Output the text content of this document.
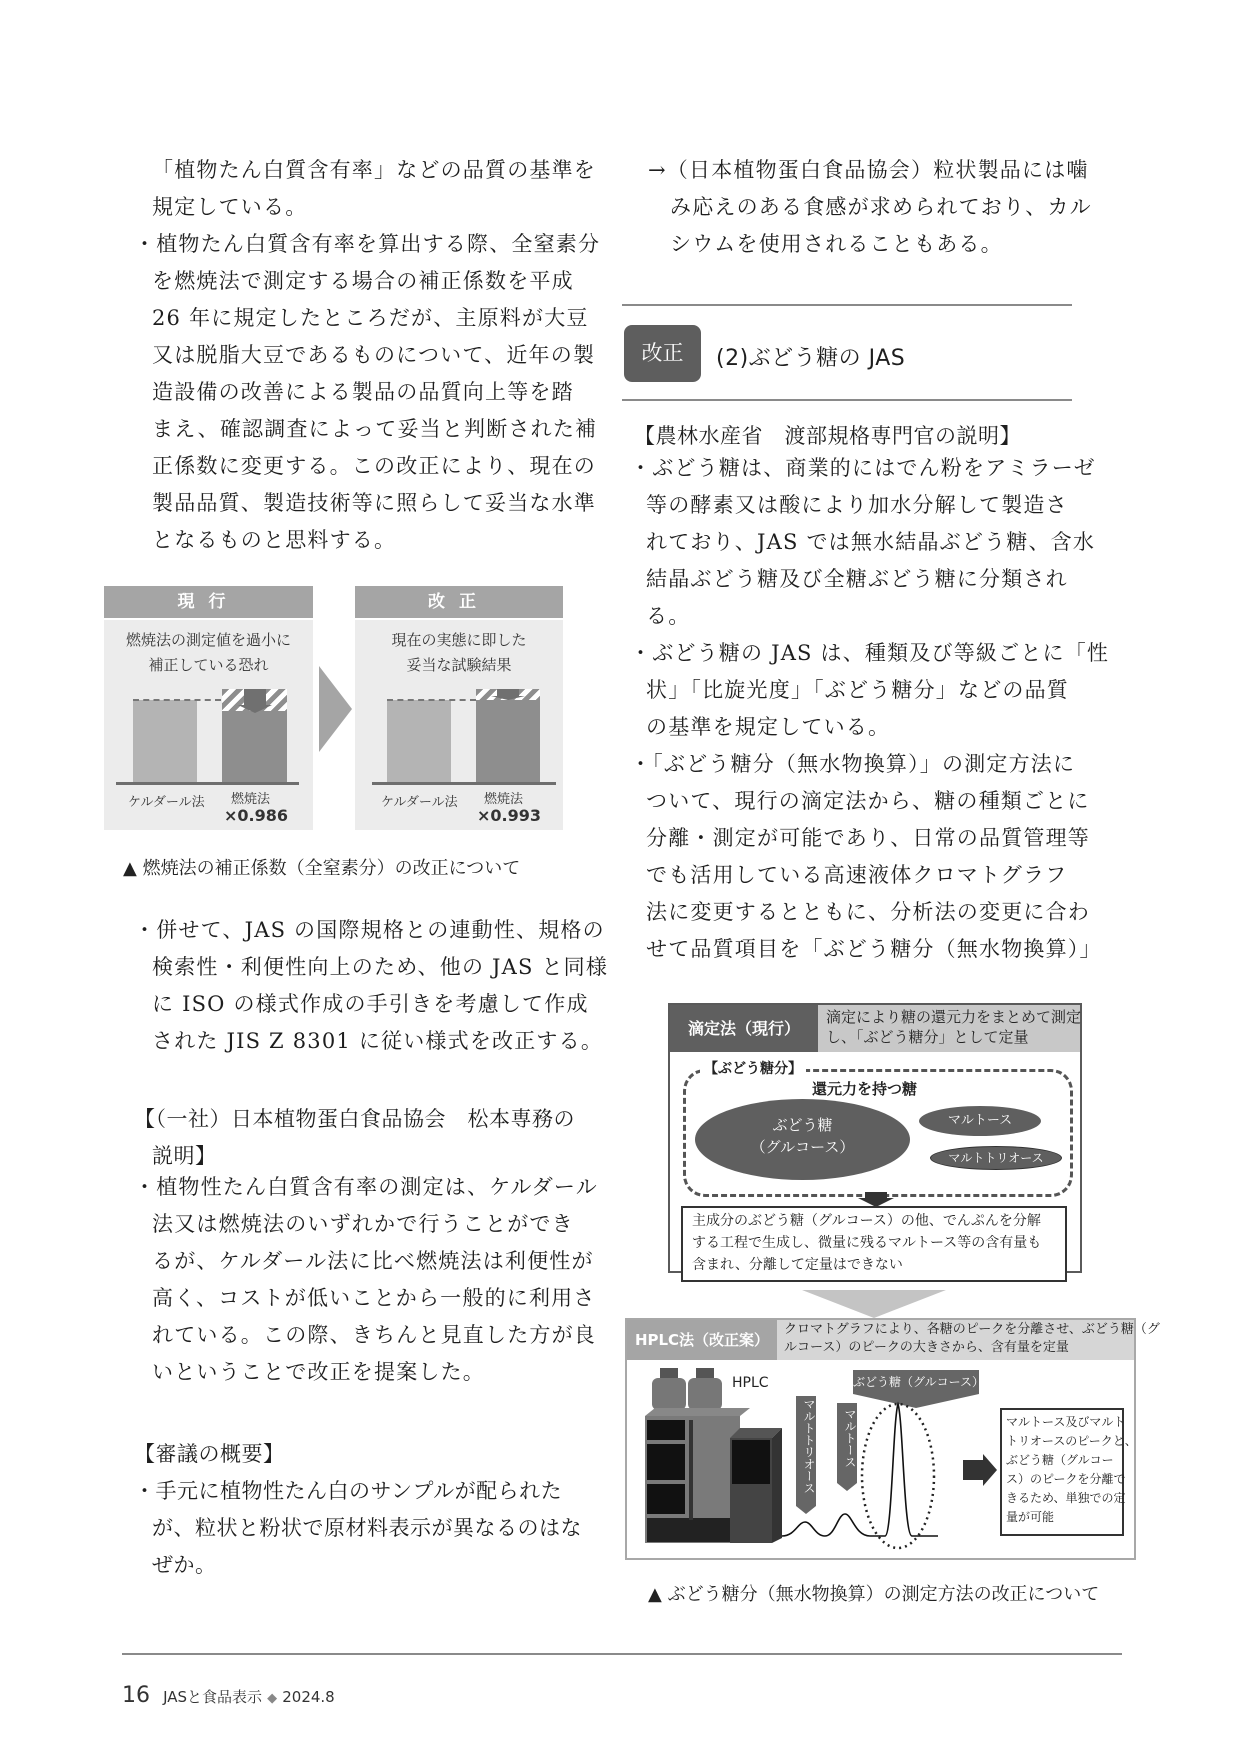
「植物たん白質含有率」などの品質の基準を
規定している。
・植物たん白質含有率を算出する際、全窒素分
を燃焼法で測定する場合の補正係数を平成
26 年に規定したところだが、主原料が大豆
又は脱脂大豆であるものについて、近年の製
造設備の改善による製品の品質向上等を踏
まえ、確認調査によって妥当と判断された補
正係数に変更する。この改正により、現在の
製品品質、製造技術等に照らして妥当な水準
となるものと思料する。
現行
燃焼法の測定値を過小に
補正している恐れ
ケルダール法 燃焼法
×0.986
改正
現在の実態に即した
妥当な試験結果
ケルダール法 燃焼法
×0.993
▲ 燃焼法の補正係数（全窒素分）の改正について
・併せて、JAS の国際規格との連動性、規格の
検索性・利便性向上のため、他の JAS と同様
に ISO の様式作成の手引きを考慮して作成
された JIS Z 8301 に従い様式を改正する。
【（一社）日本植物蛋白食品協会　松本専務の
説明】
・植物性たん白質含有率の測定は、ケルダール
法又は燃焼法のいずれかで行うことができ
るが、ケルダール法に比べ燃焼法は利便性が
高く、コストが低いことから一般的に利用さ
れている。この際、きちんと見直した方が良
いということで改正を提案した。
【審議の概要】
・手元に植物性たん白のサンプルが配られた
が、粒状と粉状で原材料表示が異なるのはな
ぜか。
→（日本植物蛋白食品協会）粒状製品には噛
み応えのある食感が求められており、カル
シウムを使用されることもある。
改正	(2)ぶどう糖の JAS
【農林水産省　渡部規格専門官の説明】
・ぶどう糖は、商業的にはでん粉をアミラーゼ
等の酵素又は酸により加水分解して製造さ
れており、JAS では無水結晶ぶどう糖、含水
結晶ぶどう糖及び全糖ぶどう糖に分類され
る。
・ぶどう糖の JAS は、種類及び等級ごとに「性
状」「比旋光度」「ぶどう糖分」などの品質
の基準を規定している。
・「ぶどう糖分（無水物換算）」の測定方法に
ついて、現行の滴定法から、糖の種類ごとに
分離・測定が可能であり、日常の品質管理等
でも活用している高速液体クロマトグラフ
法に変更するとともに、分析法の変更に合わ
せて品質項目を「ぶどう糖分（無水物換算）」
滴定法（現行）
滴定により糖の還元力をまとめて測定
し、「ぶどう糖分」として定量
【ぶどう糖分】
還元力を持つ糖
ぶどう糖
（グルコース）
マルトース
マルトトリオース
主成分のぶどう糖（グルコース）の他、でんぷんを分解
する工程で生成し、微量に残るマルトース等の含有量も
含まれ、分離して定量はできない
HPLC法（改正案）
クロマトグラフにより、各糖のピークを分離させ、ぶどう糖（グ
ルコース）のピークの大きさから、含有量を定量
HPLC	ぶどう糖（グルコース）
マルトトリオース	マルトース	マルトース及びマルト
トリオースのピークと、
ぶどう糖（グルコー
ス）のピークを分離で
きるため、単独での定
量が可能
▲ ぶどう糖分（無水物換算）の測定方法の改正について
16 JASと食品表示 ◆ 2024.8
